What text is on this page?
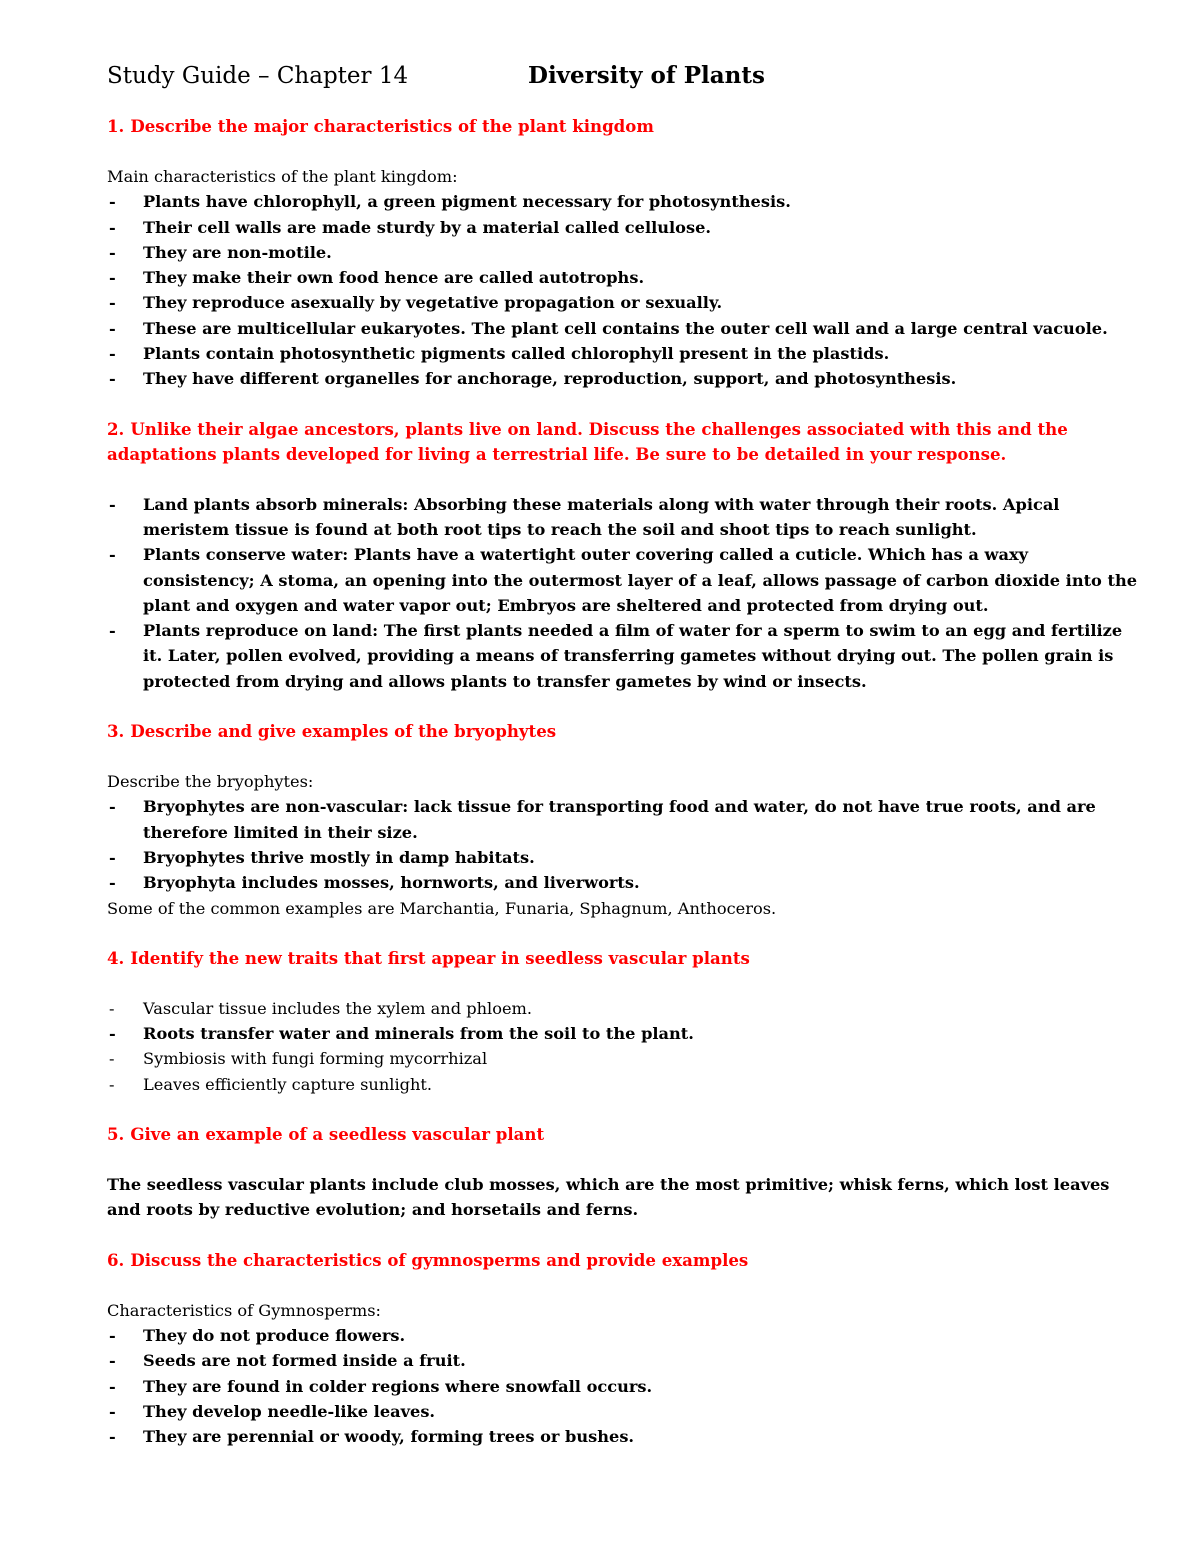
Study Guide – Chapter 14	Diversity of Plants

1. Describe the major characteristics of the plant kingdom

Main characteristics of the plant kingdom:

- Plants have chlorophyll, a green pigment necessary for photosynthesis.
- Their cell walls are made sturdy by a material called cellulose.
- They are non-motile.
- They make their own food hence are called autotrophs.
- They reproduce asexually by vegetative propagation or sexually.
- These are multicellular eukaryotes. The plant cell contains the outer cell wall and a large central vacuole.
- Plants contain photosynthetic pigments called chlorophyll present in the plastids.
- They have different organelles for anchorage, reproduction, support, and photosynthesis.

2. Unlike their algae ancestors, plants live on land. Discuss the challenges associated with this and the adaptations plants developed for living a terrestrial life. Be sure to be detailed in your response.

- Land plants absorb minerals: Absorbing these materials along with water through their roots. Apical meristem tissue is found at both root tips to reach the soil and shoot tips to reach sunlight.
- Plants conserve water: Plants have a watertight outer covering called a cuticle. Which has a waxy consistency; A stoma, an opening into the outermost layer of a leaf, allows passage of carbon dioxide into the plant and oxygen and water vapor out; Embryos are sheltered and protected from drying out.
- Plants reproduce on land: The first plants needed a film of water for a sperm to swim to an egg and fertilize it. Later, pollen evolved, providing a means of transferring gametes without drying out. The pollen grain is protected from drying and allows plants to transfer gametes by wind or insects.

3. Describe and give examples of the bryophytes

Describe the bryophytes:

- Bryophytes are non-vascular: lack tissue for transporting food and water, do not have true roots, and are therefore limited in their size.
- Bryophytes thrive mostly in damp habitats.
- Bryophyta includes mosses, hornworts, and liverworts.

Some of the common examples are Marchantia, Funaria, Sphagnum, Anthoceros.

4. Identify the new traits that first appear in seedless vascular plants

- Vascular tissue includes the xylem and phloem.
- Roots transfer water and minerals from the soil to the plant.
- Symbiosis with fungi forming mycorrhizal
- Leaves efficiently capture sunlight.

5. Give an example of a seedless vascular plant

The seedless vascular plants include club mosses, which are the most primitive; whisk ferns, which lost leaves and roots by reductive evolution; and horsetails and ferns.

6. Discuss the characteristics of gymnosperms and provide examples

Characteristics of Gymnosperms:

- They do not produce flowers.
- Seeds are not formed inside a fruit.
- They are found in colder regions where snowfall occurs.
- They develop needle-like leaves.
- They are perennial or woody, forming trees or bushes.
